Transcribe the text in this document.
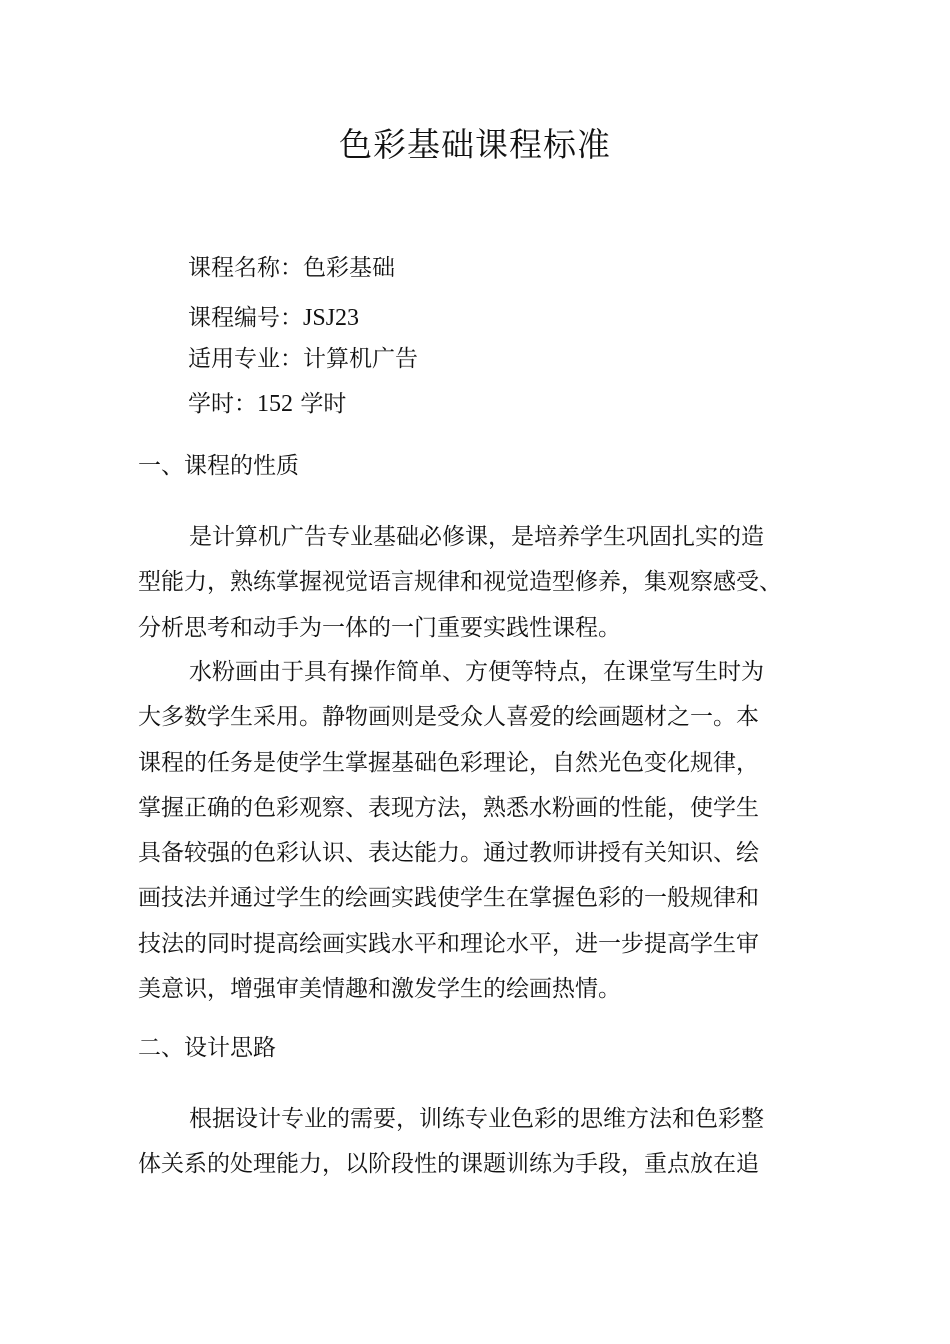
色彩基础课程标准
课程名称：色彩基础
课程编号：JSJ23
适用专业：计算机广告
学时：152 学时
一、课程的性质
是计算机广告专业基础必修课，是培养学生巩固扎实的造
型能力，熟练掌握视觉语言规律和视觉造型修养，集观察感受、
分析思考和动手为一体的一门重要实践性课程。
水粉画由于具有操作简单、方便等特点，在课堂写生时为
大多数学生采用。静物画则是受众人喜爱的绘画题材之一。本
课程的任务是使学生掌握基础色彩理论，自然光色变化规律，
掌握正确的色彩观察、表现方法，熟悉水粉画的性能，使学生
具备较强的色彩认识、表达能力。通过教师讲授有关知识、绘
画技法并通过学生的绘画实践使学生在掌握色彩的一般规律和
技法的同时提高绘画实践水平和理论水平，进一步提高学生审
美意识，增强审美情趣和激发学生的绘画热情。
二、设计思路
根据设计专业的需要，训练专业色彩的思维方法和色彩整
体关系的处理能力，以阶段性的课题训练为手段，重点放在追
